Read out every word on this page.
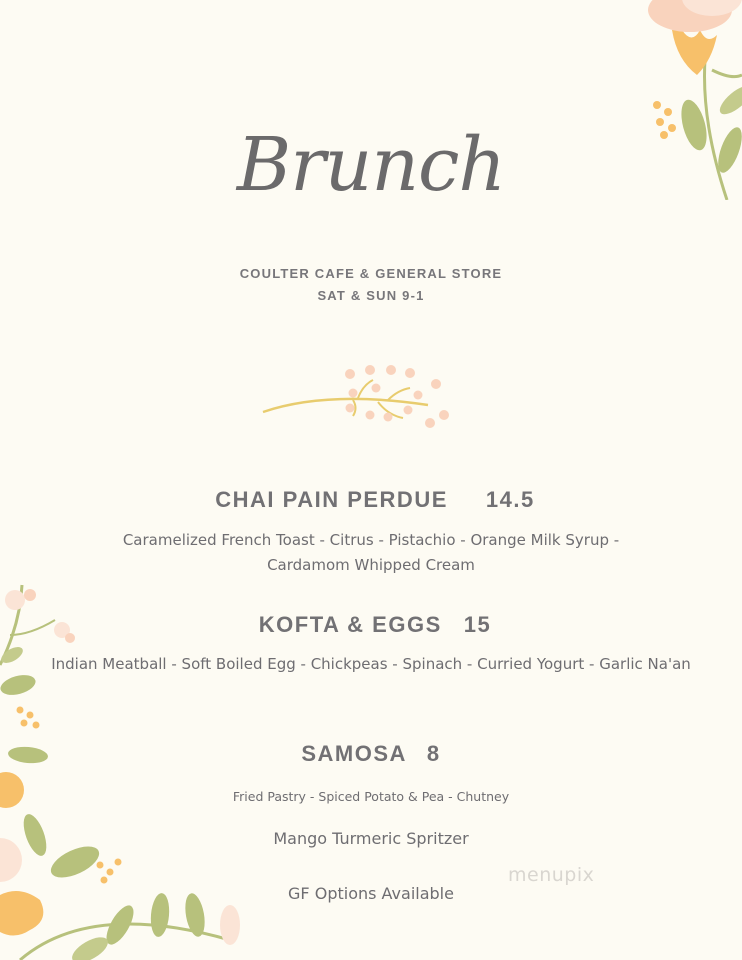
Brunch
COULTER CAFE & GENERAL STORE
SAT & SUN 9-1
CHAI PAIN PERDUE 14.5
Caramelized French Toast - Citrus - Pistachio - Orange Milk Syrup - Cardamom Whipped Cream
KOFTA & EGGS 15
Indian Meatball - Soft Boiled Egg - Chickpeas - Spinach - Curried Yogurt - Garlic Na'an
SAMOSA 8
Fried Pastry - Spiced Potato & Pea - Chutney
Mango Turmeric Spritzer
GF Options Available
menupix
